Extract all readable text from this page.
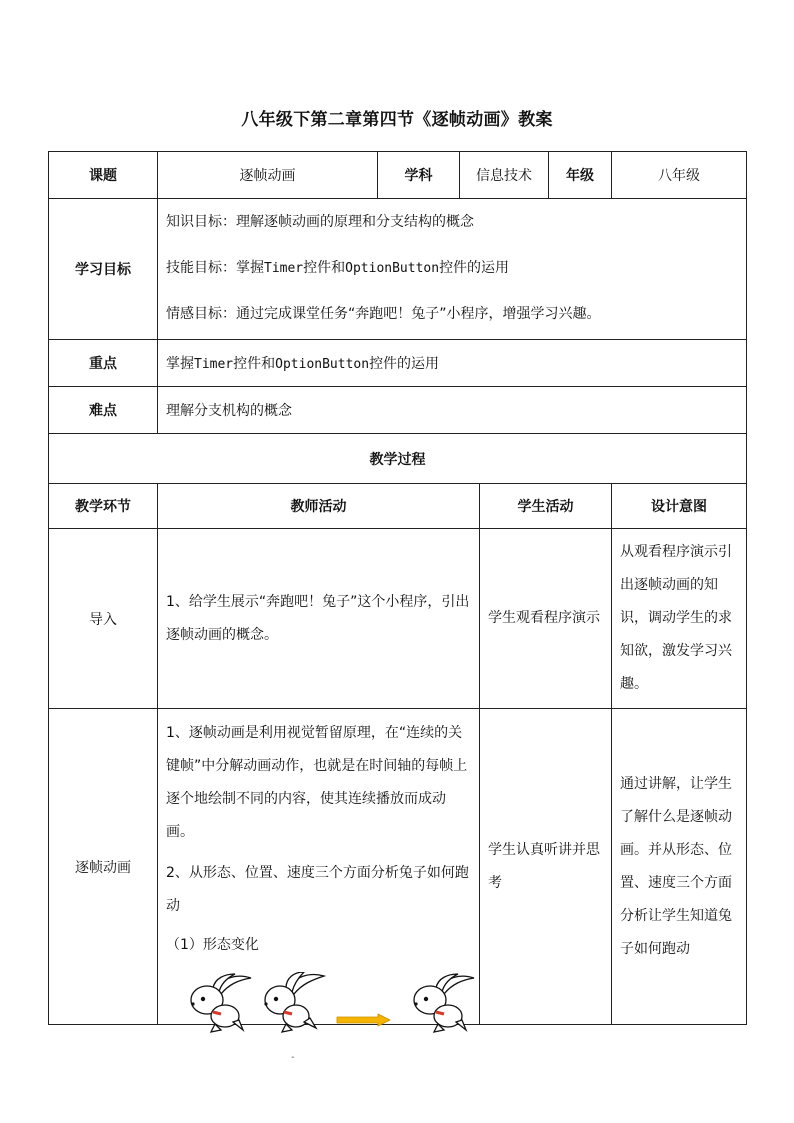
八年级下第二章第四节《逐帧动画》教案
课题	逐帧动画	学科	信息技术		年级	八年级
学习目标	知识目标：理解逐帧动画的原理和分支结构的概念
技能目标：掌握Timer控件和OptionButton控件的运用
情感目标：通过完成课堂任务“奔跑吧！兔子”小程序，增强学习兴趣。					

重点	掌握Timer控件和OptionButton控件的运用					
难点	理解分支机构的概念					
教学过程						
教学环节	教师活动			学生活动		设计意图
导入	1、给学生展示“奔跑吧！兔子”这个小程序，引出逐帧动画的概念。			学生观看程序演示		从观看程序演示引出逐帧动画的知识，调动学生的求知欲，激发学习兴趣。

逐帧动画	1、逐帧动画是利用视觉暂留原理，在“连续的关键帧”中分解动画动作，也就是在时间轴的每帧上逐个地绘制不同的内容，使其连续播放而成动画。
2、从形态、位置、速度三个方面分析兔子如何跑动
（1）形态变化			学生认真听讲并思考		通过讲解，让学生了解什么是逐帧动画。并从形态、位置、速度三个方面分析让学生知道兔子如何跑动
-
